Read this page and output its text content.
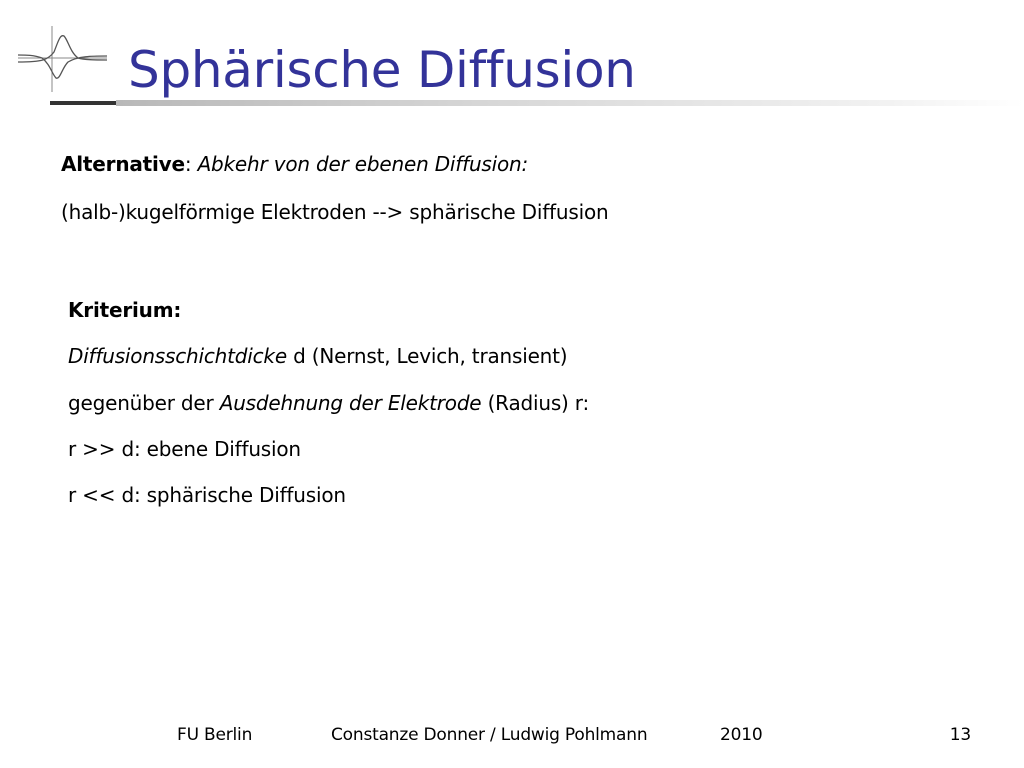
Sphärische Diffusion
Alternative: Abkehr von der ebenen Diffusion:
(halb-)kugelförmige Elektroden --> sphärische Diffusion
Kriterium:
Diffusionsschichtdicke d (Nernst, Levich, transient)
gegenüber der Ausdehnung der Elektrode (Radius) r:
r >> d: ebene Diffusion
r << d: sphärische Diffusion
FU Berlin	Constanze Donner / Ludwig Pohlmann	2010	13
